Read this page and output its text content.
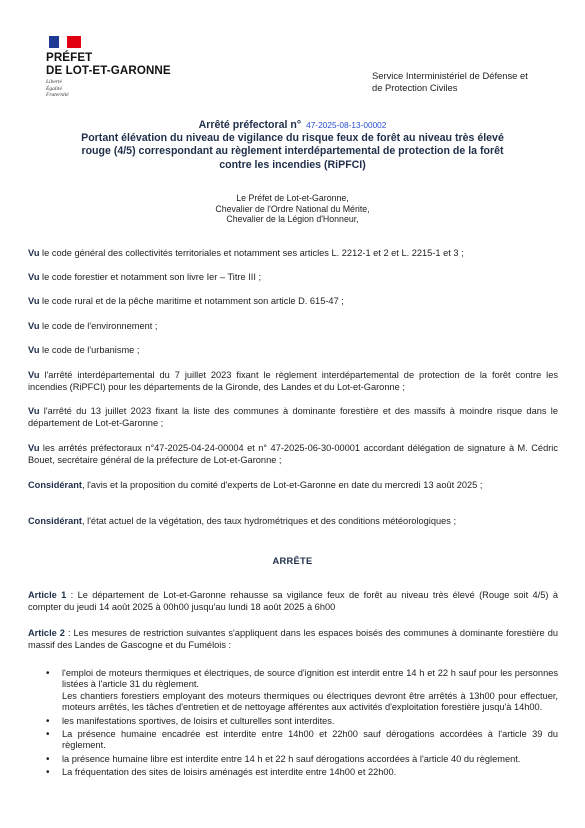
PRÉFET
DE LOT-ET-GARONNE
Liberté
Égalité
Fraternité
Service Interministériel de Défense et
de Protection Civiles
Arrêté préfectoral n° 47-2025-08-13-00002
Portant élévation du niveau de vigilance du risque feux de forêt au niveau très élevé
rouge (4/5) correspondant au règlement interdépartemental de protection de la forêt
contre les incendies (RiPFCI)
Le Préfet de Lot-et-Garonne,
Chevalier de l'Ordre National du Mérite,
Chevalier de la Légion d'Honneur,
Vu le code général des collectivités territoriales et notamment ses articles L. 2212-1 et 2 et L. 2215-1 et 3 ;
Vu le code forestier et notamment son livre Ier – Titre III ;
Vu le code rural et de la pêche maritime et notamment son article D. 615-47 ;
Vu le code de l'environnement ;
Vu le code de l'urbanisme ;
Vu l'arrêté interdépartemental du 7 juillet 2023 fixant le règlement interdépartemental de protection de la forêt contre les incendies (RiPFCI) pour les départements de la Gironde, des Landes et du Lot-et-Garonne ;
Vu l'arrêté du 13 juillet 2023 fixant la liste des communes à dominante forestière et des massifs à moindre risque dans le département de Lot-et-Garonne ;
Vu les arrêtés préfectoraux n°47-2025-04-24-00004 et n° 47-2025-06-30-00001 accordant délégation de signature à M. Cédric Bouet, secrétaire général de la préfecture de Lot-et-Garonne ;
Considérant, l'avis et la proposition du comité d'experts de Lot-et-Garonne en date du mercredi 13 août 2025 ;
Considérant, l'état actuel de la végétation, des taux hydrométriques et des conditions météorologiques ;
ARRÊTE
Article 1 : Le département de Lot-et-Garonne rehausse sa vigilance feux de forêt au niveau très élevé (Rouge soit 4/5) à compter du jeudi 14 août 2025 à 00h00 jusqu'au lundi 18 août 2025 à 6h00
Article 2 : Les mesures de restriction suivantes s'appliquent dans les espaces boisés des communes à dominante forestière du massif des Landes de Gascogne et du Fumélois :
• l'emploi de moteurs thermiques et électriques, de source d'ignition est interdit entre 14 h et 22 h sauf pour les personnes listées à l'article 31 du règlement.
Les chantiers forestiers employant des moteurs thermiques ou électriques devront être arrêtés à 13h00 pour effectuer, moteurs arrêtés, les tâches d'entretien et de nettoyage afférentes aux activités d'exploitation forestière jusqu'à 14h00.
• les manifestations sportives, de loisirs et culturelles sont interdites.
• La présence humaine encadrée est interdite entre 14h00 et 22h00 sauf dérogations accordées à l'article 39 du règlement.
• la présence humaine libre est interdite entre 14 h et 22 h sauf dérogations accordées à l'article 40 du règlement.
• La fréquentation des sites de loisirs aménagés est interdite entre 14h00 et 22h00.
